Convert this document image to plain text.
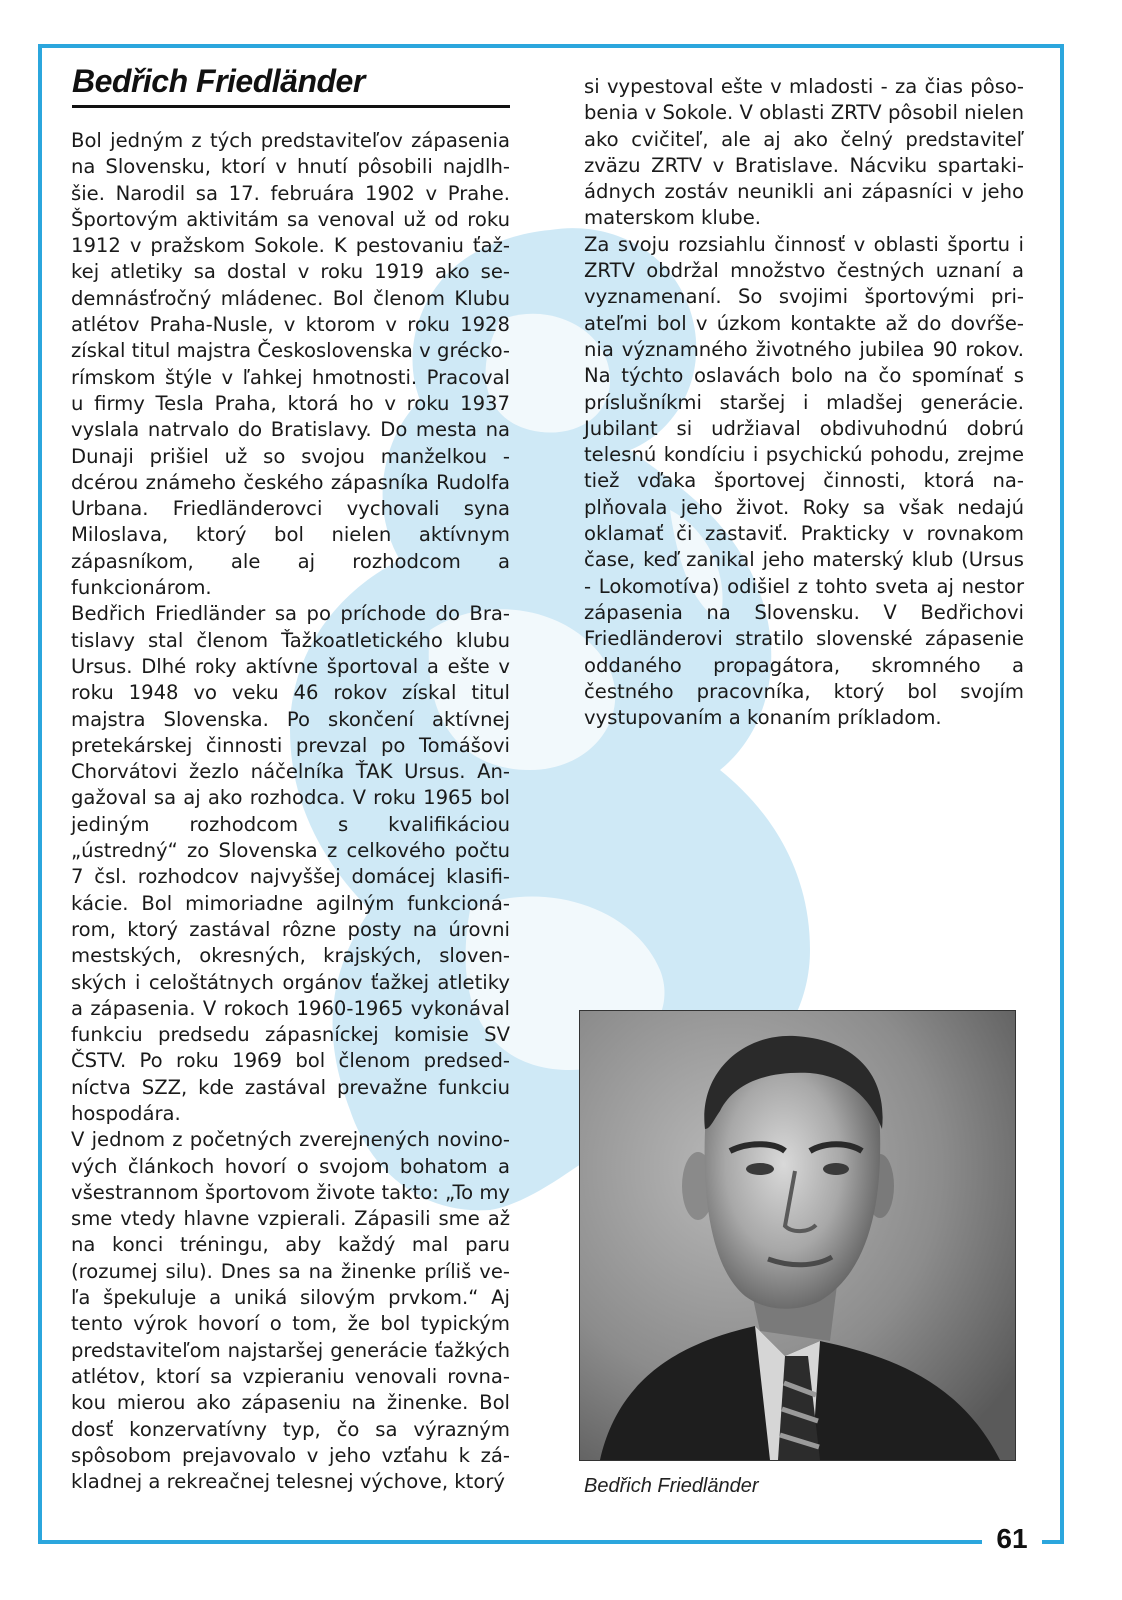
61
Bedřich Friedländer

Bol jedným z tých predstaviteľov zápasenia na Slovensku, ktorí v hnutí pôsobili najdlhšie. Narodil sa 17. februára 1902 v Prahe. Športovým aktivitám sa venoval už od roku 1912 v pražskom Sokole. K pestovaniu ťažkej atletiky sa dostal v roku 1919 ako sedemnásťročný mládenec. Bol členom Klubu atlétov Praha-Nusle, v ktorom v roku 1928 získal titul majstra Československa v grécko-rímskom štýle v ľahkej hmotnosti. Pracoval u firmy Tesla Praha, ktorá ho v roku 1937 vyslala natrvalo do Bratislavy. Do mesta na Dunaji prišiel už so svojou manželkou - dcérou známeho českého zápasníka Rudolfa Urbana. Friedländerovci vychovali syna Miloslava, ktorý bol nielen aktívnym zápasníkom, ale aj rozhodcom a funkcionárom.

Bedřich Friedländer sa po príchode do Bratislavy stal členom Ťažkoatletického klubu Ursus. Dlhé roky aktívne športoval a ešte v roku 1948 vo veku 46 rokov získal titul majstra Slovenska. Po skončení aktívnej pretekárskej činnosti prevzal po Tomášovi Chorvátovi žezlo náčelníka ŤAK Ursus. Angažoval sa aj ako rozhodca. V roku 1965 bol jediným rozhodcom s kvalifikáciou „ústredný“ zo Slovenska z celkového počtu 7 čsl. rozhodcov najvyššej domácej klasifikácie. Bol mimoriadne agilným funkcionárom, ktorý zastával rôzne posty na úrovni mestských, okresných, krajských, slovenských i celoštátnych orgánov ťažkej atletiky a zápasenia. V rokoch 1960-1965 vykonával funkciu predsedu zápasníckej komisie SV ČSTV. Po roku 1969 bol členom predsedníctva SZZ, kde zastával prevažne funkciu hospodára.

V jednom z početných zverejnených novinových článkoch hovorí o svojom bohatom a všestrannom športovom živote takto: „To my sme vtedy hlavne vzpierali. Zápasili sme až na konci tréningu, aby každý mal paru (rozumej silu). Dnes sa na žinenke príliš veľa špekuluje a uniká silovým prvkom.“ Aj tento výrok hovorí o tom, že bol typickým predstaviteľom najstaršej generácie ťažkých atlétov, ktorí sa vzpieraniu venovali rovnakou mierou ako zápaseniu na žinenke. Bol dosť konzervatívny typ, čo sa výrazným spôsobom prejavovalo v jeho vzťahu k základnej a rekreačnej telesnej výchove, ktorý

si vypestoval ešte v mladosti - za čias pôsobenia v Sokole. V oblasti ZRTV pôsobil nielen ako cvičiteľ, ale aj ako čelný predstaviteľ zväzu ZRTV v Bratislave. Nácviku spartakiádnych zostáv neunikli ani zápasníci v jeho materskom klube.

Za svoju rozsiahlu činnosť v oblasti športu i ZRTV obdržal množstvo čestných uznaní a vyznamenaní. So svojimi športovými priateľmi bol v úzkom kontakte až do dovŕšenia významného životného jubilea 90 rokov. Na týchto oslavách bolo na čo spomínať s príslušníkmi staršej i mladšej generácie. Jubilant si udržiaval obdivuhodnú dobrú telesnú kondíciu i psychickú pohodu, zrejme tiež vďaka športovej činnosti, ktorá naplňovala jeho život. Roky sa však nedajú oklamať či zastaviť. Prakticky v rovnakom čase, keď zanikal jeho materský klub (Ursus - Lokomotíva) odišiel z tohto sveta aj nestor zápasenia na Slovensku. V Bedřichovi Friedländerovi stratilo slovenské zápasenie oddaného propagátora, skromného a čestného pracovníka, ktorý bol svojím vystupovaním a konaním príkladom.

Bedřich Friedländer
